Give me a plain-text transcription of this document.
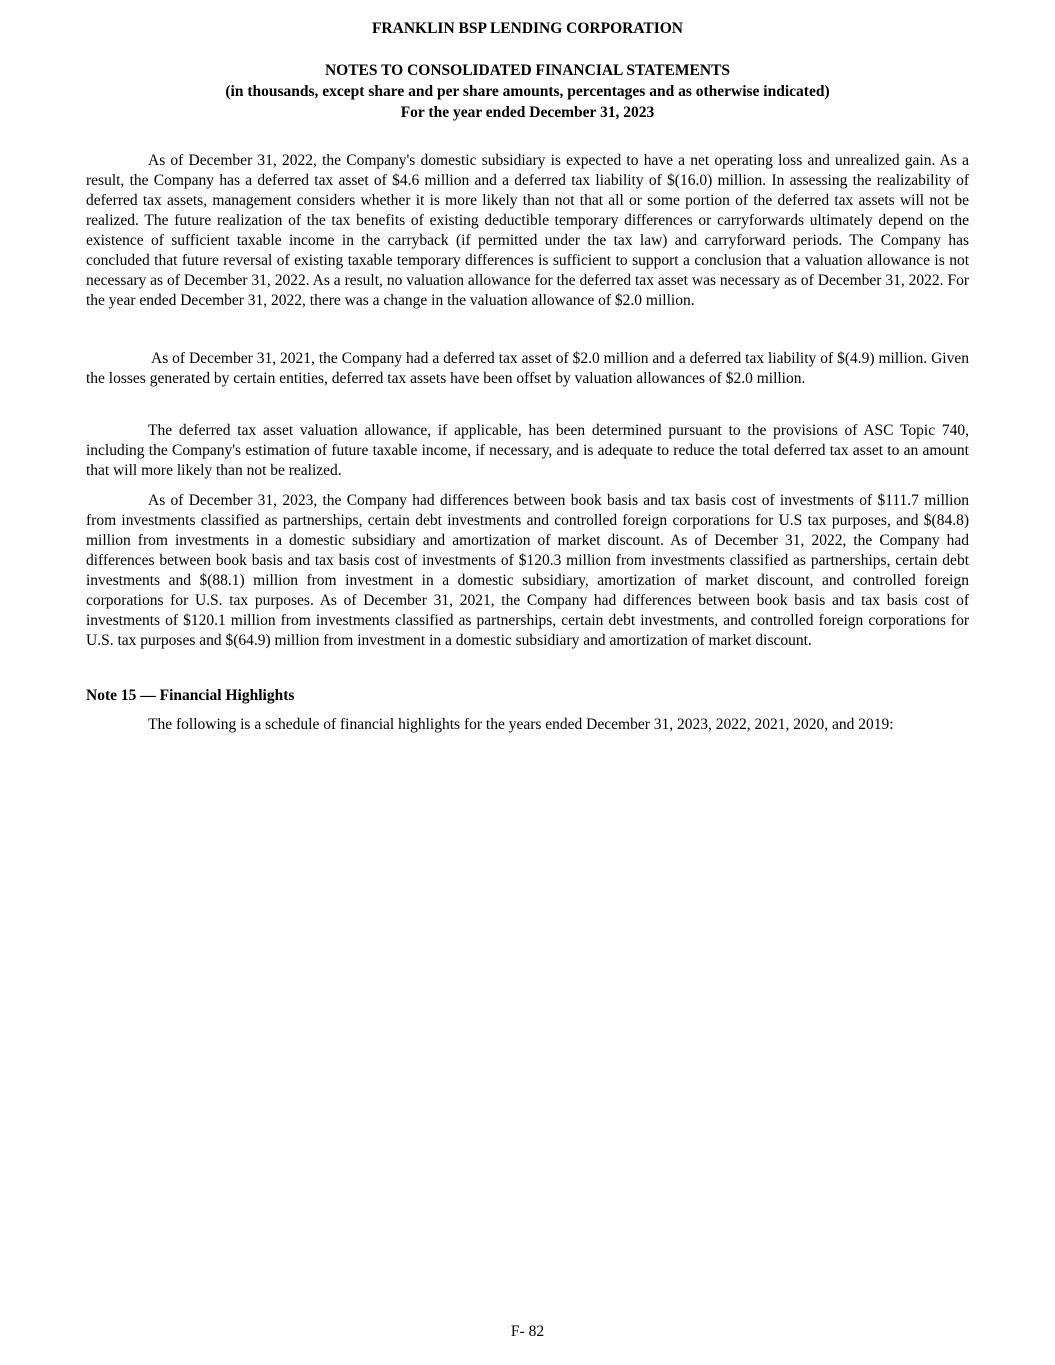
FRANKLIN BSP LENDING CORPORATION
NOTES TO CONSOLIDATED FINANCIAL STATEMENTS
(in thousands, except share and per share amounts, percentages and as otherwise indicated)
For the year ended December 31, 2023

As of December 31, 2022, the Company's domestic subsidiary is expected to have a net operating loss and unrealized gain. As a result, the Company has a deferred tax asset of $4.6 million and a deferred tax liability of $(16.0) million. In assessing the realizability of deferred tax assets, management considers whether it is more likely than not that all or some portion of the deferred tax assets will not be realized. The future realization of the tax benefits of existing deductible temporary differences or carryforwards ultimately depend on the existence of sufficient taxable income in the carryback (if permitted under the tax law) and carryforward periods. The Company has concluded that future reversal of existing taxable temporary differences is sufficient to support a conclusion that a valuation allowance is not necessary as of December 31, 2022. As a result, no valuation allowance for the deferred tax asset was necessary as of December 31, 2022. For the year ended December 31, 2022, there was a change in the valuation allowance of $2.0 million.

As of December 31, 2021, the Company had a deferred tax asset of $2.0 million and a deferred tax liability of $(4.9) million. Given the losses generated by certain entities, deferred tax assets have been offset by valuation allowances of $2.0 million.

The deferred tax asset valuation allowance, if applicable, has been determined pursuant to the provisions of ASC Topic 740, including the Company's estimation of future taxable income, if necessary, and is adequate to reduce the total deferred tax asset to an amount that will more likely than not be realized.

As of December 31, 2023, the Company had differences between book basis and tax basis cost of investments of $111.7 million from investments classified as partnerships, certain debt investments and controlled foreign corporations for U.S tax purposes, and $(84.8) million from investments in a domestic subsidiary and amortization of market discount. As of December 31, 2022, the Company had differences between book basis and tax basis cost of investments of $120.3 million from investments classified as partnerships, certain debt investments and $(88.1) million from investment in a domestic subsidiary, amortization of market discount, and controlled foreign corporations for U.S. tax purposes. As of December 31, 2021, the Company had differences between book basis and tax basis cost of investments of $120.1 million from investments classified as partnerships, certain debt investments, and controlled foreign corporations for U.S. tax purposes and $(64.9) million from investment in a domestic subsidiary and amortization of market discount.

Note 15 — Financial Highlights

The following is a schedule of financial highlights for the years ended December 31, 2023, 2022, 2021, 2020, and 2019:

F- 82
